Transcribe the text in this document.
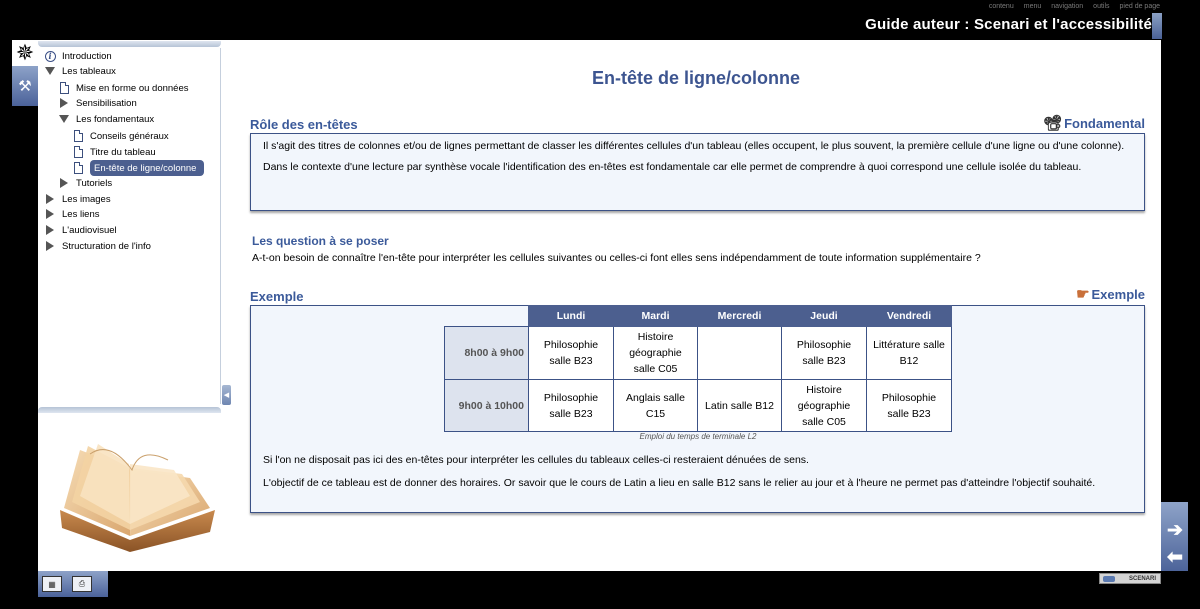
contenu menu navigation outils pied de page
Guide auteur : Scenari et l'accessibilité
✵
⚒
i	Introduction
Les tableaux
Mise en forme ou données
Sensibilisation
Les fondamentaux
Conseils généraux
Titre du tableau
En-tête de ligne/colonne
Tutoriels
Les images
Les liens
L'audiovisuel
Structuration de l'info
◀
▦	⎙
SCENARI
➔
⬅
En-tête de ligne/colonne
Rôle des en-têtes	📽 Fondamental

Il s'agit des titres de colonnes et/ou de lignes permettant de classer les différentes cellules d'un tableau (elles occupent, le plus souvent, la première cellule d'une ligne ou d'une colonne).

Dans le contexte d'une lecture par synthèse vocale l'identification des en-têtes est fondamentale car elle permet de comprendre à quoi correspond une cellule isolée du tableau.

Les question à se poser
A-t-on besoin de connaître l'en-tête pour interpréter les cellules suivantes ou celles-ci font elles sens indépendamment de toute information supplémentaire ?
Exemple	☛ Exemple
	Lundi	Mardi	Mercredi	Jeudi	Vendredi
8h00 à 9h00	Philosophie salle B23	Histoire géographie salle C05		Philosophie salle B23	Littérature salle B12
9h00 à 10h00	Philosophie salle B23	Anglais salle C15	Latin salle B12	Histoire géographie salle C05	Philosophie salle B23
Emploi du temps de terminale L2
Si l'on ne disposait pas ici des en-têtes pour interpréter les cellules du tableaux celles-ci resteraient dénuées de sens.
L'objectif de ce tableau est de donner des horaires. Or savoir que le cours de Latin a lieu en salle B12 sans le relier au jour et à l'heure ne permet pas d'atteindre l'objectif souhaité.
